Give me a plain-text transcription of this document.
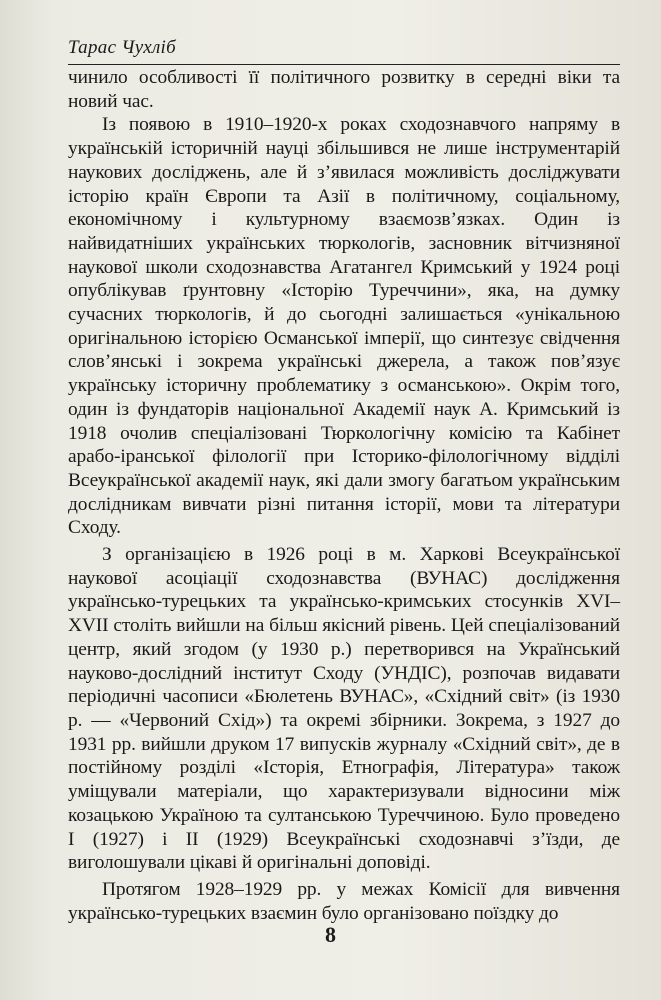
Тарас Чухліб

чинило особливості її політичного розвитку в середні віки та новий час.

Із появою в 1910–1920-х роках сходознавчого напряму в українській історичній науці збільшився не лише інструментарій наукових досліджень, але й з’явилася можливість досліджувати історію країн Європи та Азії в політичному, соціальному, економічному і культурному взаємозв’язках. Один із найвидатніших українських тюркологів, засновник вітчизняної наукової школи сходознавства Агатангел Кримський у 1924 році опублікував ґрунтовну «Історію Туреччини», яка, на думку сучасних тюркологів, й до сьогодні залишається «унікальною оригінальною історією Османської імперії, що синтезує свідчення слов’янські і зокрема українські джерела, а також пов’язує українську історичну проблематику з османською». Окрім того, один із фундаторів національної Академії наук А. Кримський із 1918 очолив спеціалізовані Тюркологічну комісію та Кабінет арабо-іранської філології при Історико-філологічному відділі Всеукраїнської академії наук, які дали змогу багатьом українським дослідникам вивчати різні питання історії, мови та літератури Сходу.

З організацією в 1926 році в м. Харкові Всеукраїнської наукової асоціації сходознавства (ВУНАС) дослідження українсько-турецьких та українсько-кримських стосунків XVI–XVII століть вийшли на більш якісний рівень. Цей спеціалізований центр, який згодом (у 1930 р.) перетворився на Український науково-дослідний інститут Сходу (УНДІС), розпочав видавати періодичні часописи «Бюлетень ВУНАС», «Східний світ» (із 1930 р. — «Червоний Схід») та окремі збірники. Зокрема, з 1927 до 1931 рр. вийшли друком 17 випусків журналу «Східний світ», де в постійному розділі «Історія, Етнографія, Література» також уміщували матеріали, що характеризували відносини між козацькою Україною та султанською Туреччиною. Було проведено I (1927) і II (1929) Всеукраїнські сходознавчі з’їзди, де виголошували цікаві й оригінальні доповіді.

Протягом 1928–1929 рр. у межах Комісії для вивчення українсько-турецьких взаємин було організовано поїздку до

8
